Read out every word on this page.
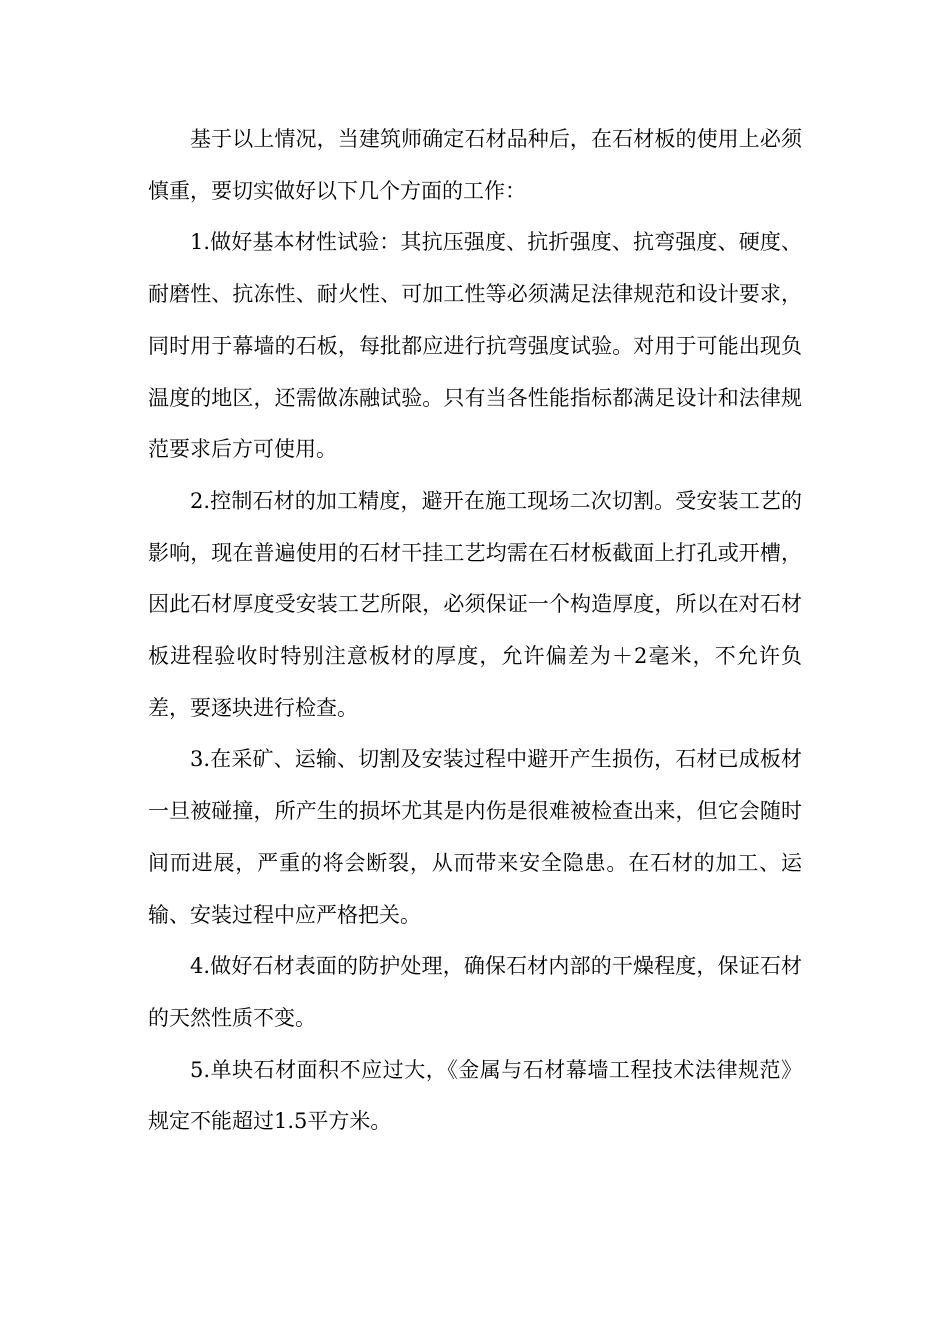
基于以上情况，当建筑师确定石材品种后，在石材板的使用上必须慎重，要切实做好以下几个方面的工作：

1.做好基本材性试验：其抗压强度、抗折强度、抗弯强度、硬度、耐磨性、抗冻性、耐火性、可加工性等必须满足法律规范和设计要求，同时用于幕墙的石板，每批都应进行抗弯强度试验。对用于可能出现负温度的地区，还需做冻融试验。只有当各性能指标都满足设计和法律规范要求后方可使用。

2.控制石材的加工精度，避开在施工现场二次切割。受安装工艺的影响，现在普遍使用的石材干挂工艺均需在石材板截面上打孔或开槽，因此石材厚度受安装工艺所限，必须保证一个构造厚度，所以在对石材板进程验收时特别注意板材的厚度，允许偏差为＋2毫米，不允许负差，要逐块进行检查。

3.在采矿、运输、切割及安装过程中避开产生损伤，石材已成板材一旦被碰撞，所产生的损坏尤其是内伤是很难被检查出来，但它会随时间而进展，严重的将会断裂，从而带来安全隐患。在石材的加工、运输、安装过程中应严格把关。

4.做好石材表面的防护处理，确保石材内部的干燥程度，保证石材的天然性质不变。

5.单块石材面积不应过大，《金属与石材幕墙工程技术法律规范》规定不能超过1.5平方米。
